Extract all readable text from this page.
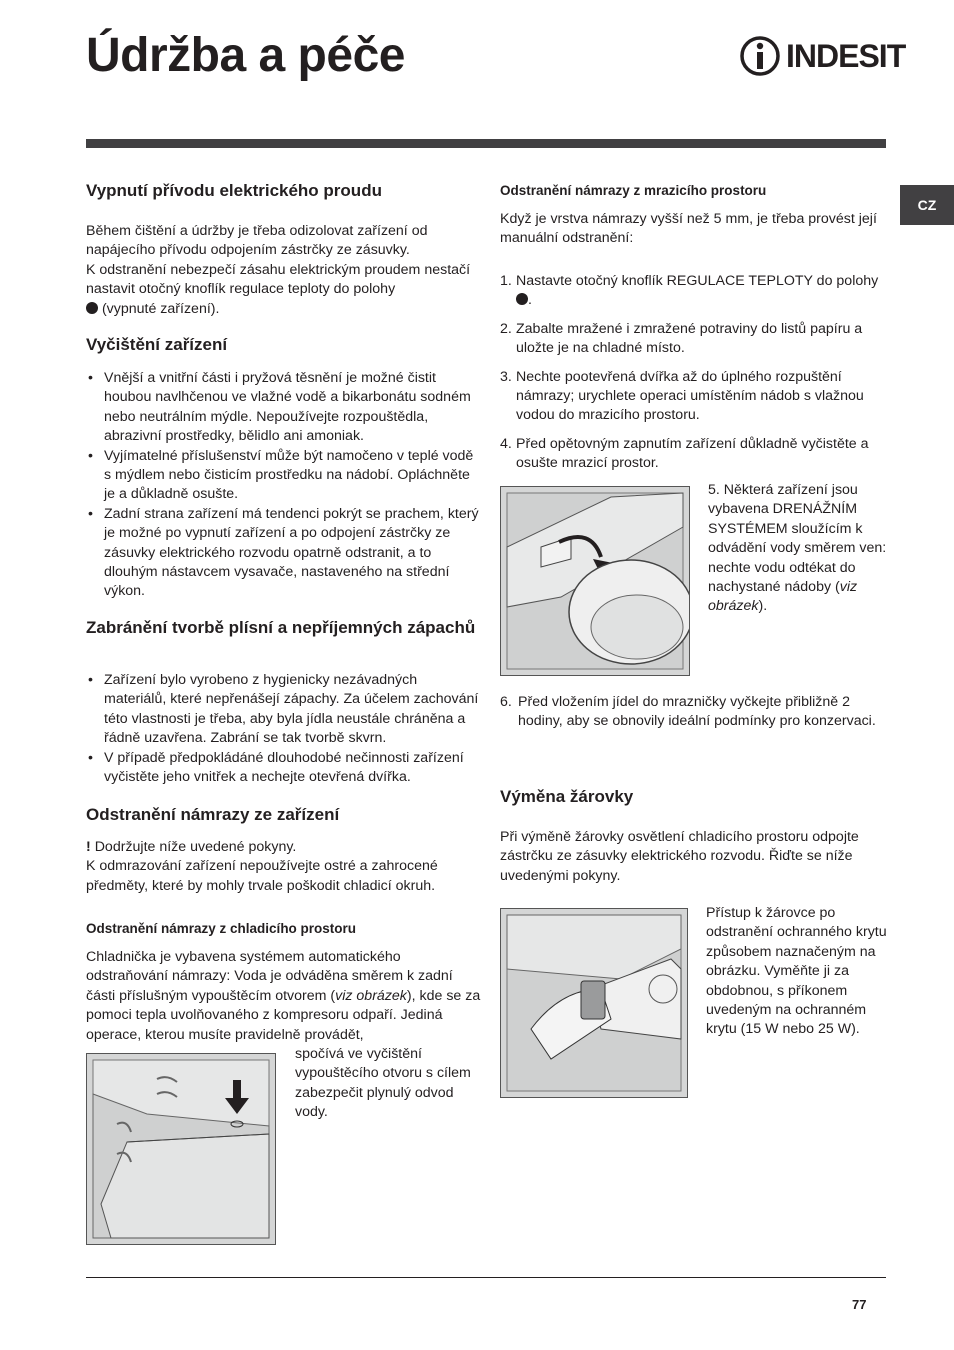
Údržba a péče	INDESIT
CZ
Vypnutí přívodu elektrického proudu
Během čištění a údržby je třeba odizolovat zařízení od napájecího přívodu odpojením zástrčky ze zásuvky.
K odstranění nebezpečí zásahu elektrickým proudem nestačí nastavit otočný knoflík regulace teploty do polohy
(vypnuté zařízení).
Vyčištění zařízení
• Vnější a vnitřní části i pryžová těsnění je možné čistit houbou navlhčenou ve vlažné vodě a bikarbonátu sodném nebo neutrálním mýdle. Nepoužívejte rozpouštědla, abrazivní prostředky, bělidlo ani amoniak.
• Vyjímatelné příslušenství může být namočeno v teplé vodě s mýdlem nebo čisticím prostředku na nádobí. Opláchněte je a důkladně osušte.
• Zadní strana zařízení má tendenci pokrýt se prachem, který je možné po vypnutí zařízení a po odpojení zástrčky ze zásuvky elektrického rozvodu opatrně odstranit, a to dlouhým nástavcem vysavače, nastaveného na střední výkon.
Zabránění tvorbě plísní a nepříjemných zápachů
• Zařízení bylo vyrobeno z hygienicky nezávadných materiálů, které nepřenášejí zápachy. Za účelem zachování této vlastnosti je třeba, aby byla jídla neustále chráněna a řádně uzavřena. Zabrání se tak tvorbě skvrn.
• V případě předpokládáné dlouhodobé nečinnosti zařízení vyčistěte jeho vnitřek a nechejte otevřená dvířka.
Odstranění námrazy ze zařízení
! Dodržujte níže uvedené pokyny.
K odmrazování zařízení nepoužívejte ostré a zahrocené předměty, které by mohly trvale poškodit chladicí okruh.
Odstranění námrazy z chladicího prostoru
Chladnička je vybavena systémem automatického odstraňování námrazy: Voda je odváděna směrem k zadní části příslušným vypouštěcím otvorem (viz obrázek), kde se za pomoci tepla uvolňovaného z kompresoru odpaří. Jediná operace, kterou musíte pravidelně provádět,
spočívá ve vyčištění vypouštěcího otvoru s cílem zabezpečit plynulý odvod vody.
Odstranění námrazy z mrazicího prostoru
Když je vrstva námrazy vyšší než 5 mm, je třeba provést její manuální odstranění:
1. Nastavte otočný knoflík REGULACE TEPLOTY do polohy .
2. Zabalte mražené i zmražené potraviny do listů papíru a uložte je na chladné místo.
3. Nechte pootevřená dvířka až do úplného rozpuštění námrazy; urychlete operaci umístěním nádob s vlažnou vodou do mrazicího prostoru.
4. Před opětovným zapnutím zařízení důkladně vyčistěte a osušte mrazicí prostor.
5. Některá zařízení jsou vybavena DRENÁŽNÍM SYSTÉMEM sloužícím k odvádění vody směrem ven: nechte vodu odtékat do nachystané nádoby (viz obrázek).
6. Před vložením jídel do mrazničky vyčkejte přibližně 2 hodiny, aby se obnovily ideální podmínky pro konzervaci.
Výměna žárovky
Při výměně žárovky osvětlení chladicího prostoru odpojte zástrčku ze zásuvky elektrického rozvodu. Řiďte se níže uvedenými pokyny.
Přístup k žárovce po odstranění ochranného krytu způsobem naznačeným na obrázku. Vyměňte ji za obdobnou, s příkonem uvedeným na ochranném krytu (15 W nebo 25 W).
77
